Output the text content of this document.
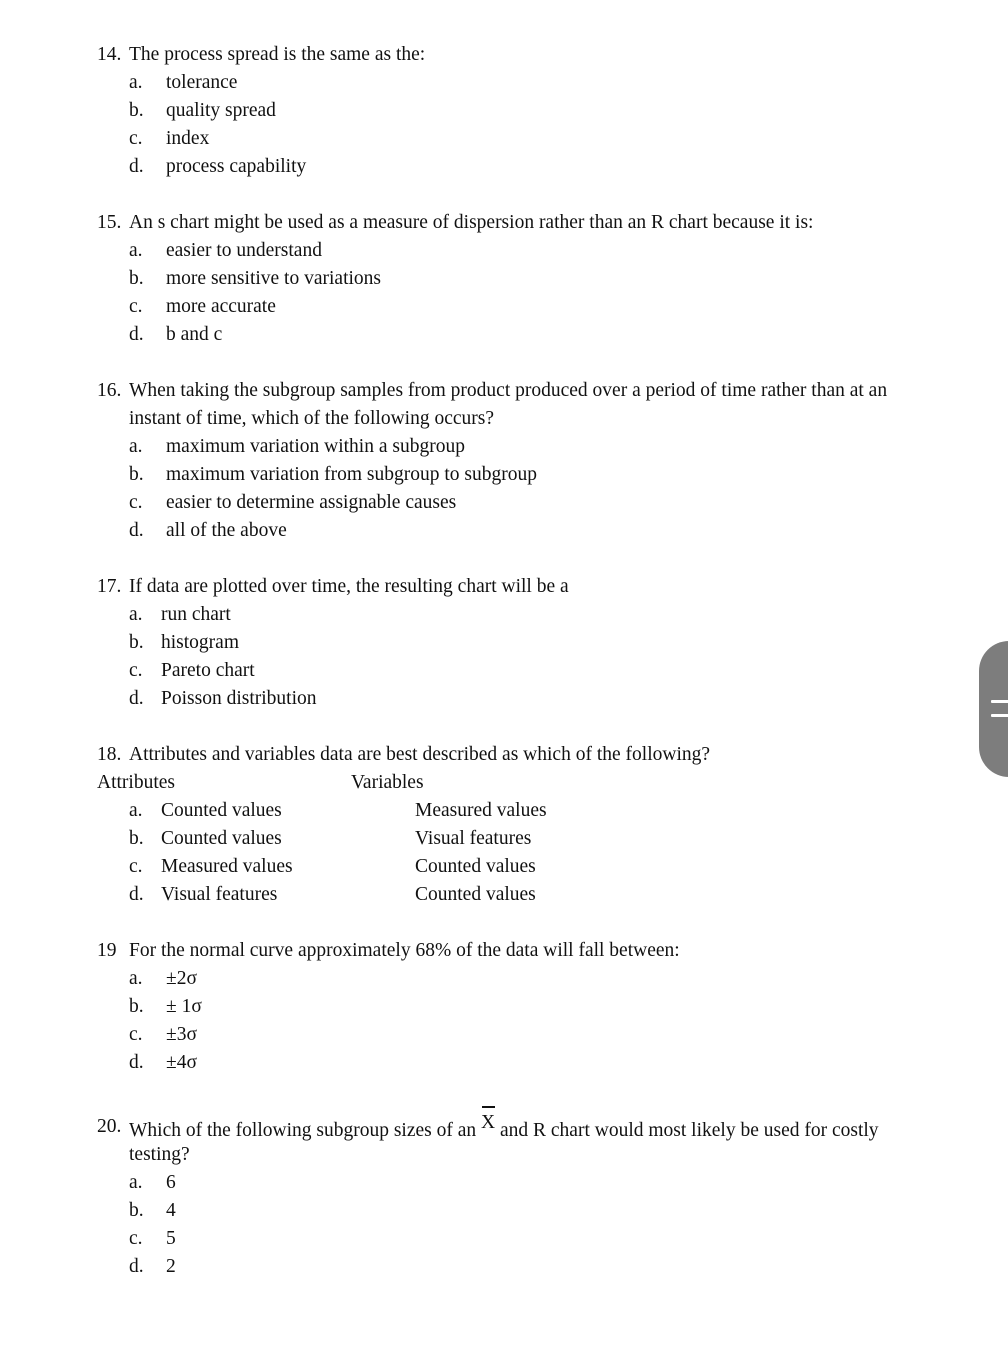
14. The process spread is the same as the:
a. tolerance
b. quality spread
c. index
d. process capability
15. An s chart might be used as a measure of dispersion rather than an R chart because it is:
a. easier to understand
b. more sensitive to variations
c. more accurate
d. b and c
16. When taking the subgroup samples from product produced over a period of time rather than at an
instant of time, which of the following occurs?
a. maximum variation within a subgroup
b. maximum variation from subgroup to subgroup
c. easier to determine assignable causes
d. all of the above
17. If data are plotted over time, the resulting chart will be a
a. run chart
b. histogram
c. Pareto chart
d. Poisson distribution
18. Attributes and variables data are best described as which of the following?
Attributes	Variables
a. Counted values	Measured values
b. Counted values	Visual features
c. Measured values	Counted values
d. Visual features	Counted values
19 For the normal curve approximately 68% of the data will fall between:
a. ±2σ
b. ± 1σ
c. ±3σ
d. ±4σ
20. Which of the following subgroup sizes of an X and R chart would most likely be used for costly
testing?
a. 6
b. 4
c. 5
d. 2
